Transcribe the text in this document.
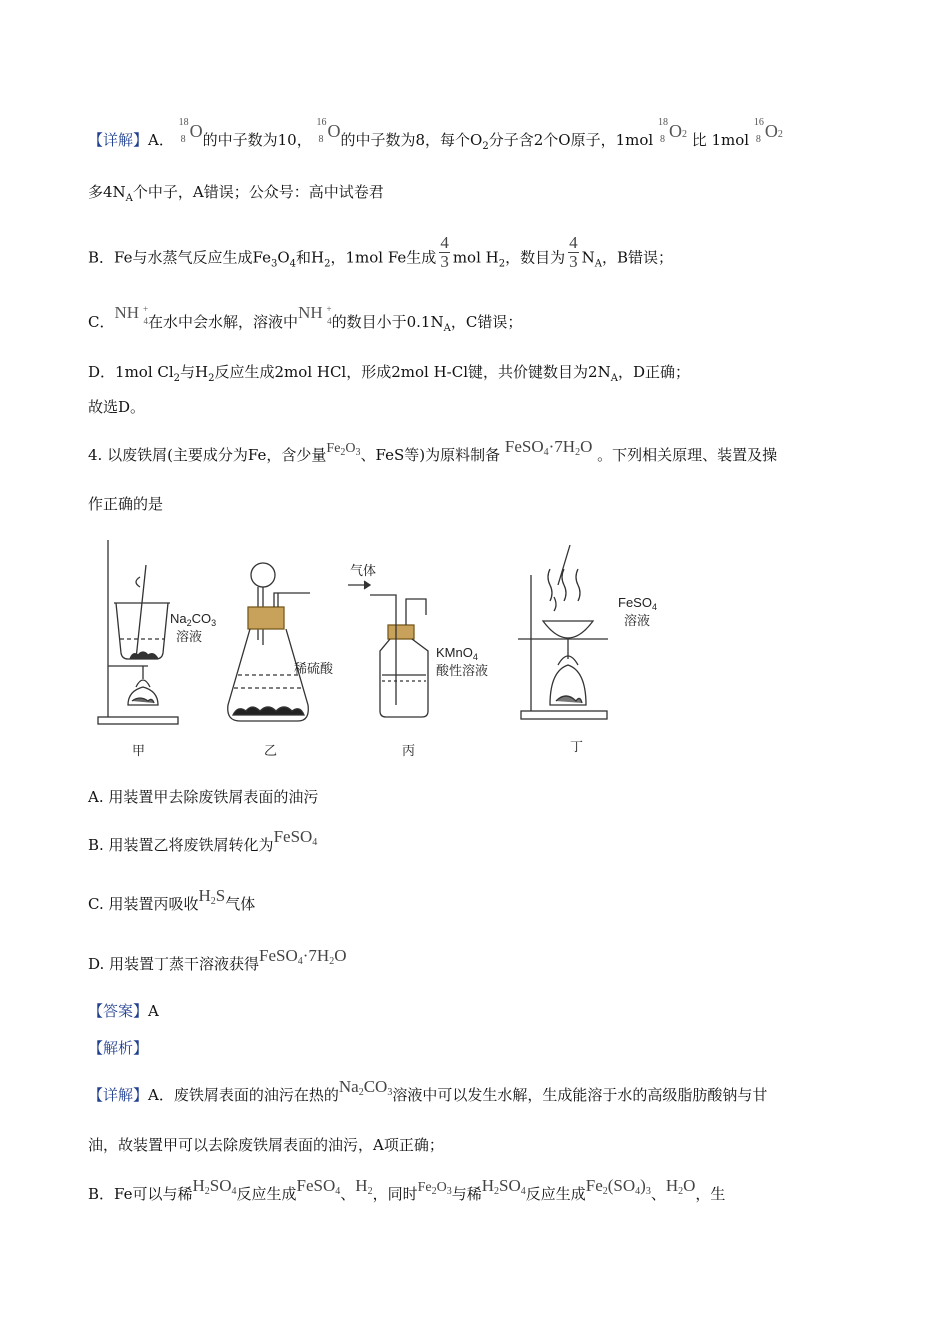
【详解】A．
18
8 O的中子数为10，
16
8 O的中子数为8，每个$O_2$分子含2个O原子，1mol
18
8 O2 比 1mol
16
8 O2
多$4N_A$个中子，A错误；公众号：高中试卷君
B．Fe与水蒸气反应生成$Fe_3O_4$和$H_2$，1mol Fe生成 $\frac{4}{3}$ mol $H_2$，数目为 $\frac{4}{3} N_A$，B错误；
C．NH +
4 在水中会水解，溶液中NH +
4 的数目小于$0.1N_A$，C错误；
D．1mol $Cl_2$与$H_2$反应生成2mol HCl，形成2mol H-Cl键，共价键数目为$2N_A$，D正确；
故选D。
4. 以废铁屑(主要成分为Fe，含少量$Fe_2O_3$、FeS等)为原料制备 $FeSO_4\cdot 7H_2O$ 。下列相关原理、装置及操
作正确的是
$Na_2CO_3$
溶液
稀硫酸
气体
KMnO$_4$
酸性溶液
FeSO$_4$
溶液
甲	乙	丙	丁
A. 用装置甲去除废铁屑表面的油污
B. 用装置乙将废铁屑转化为FeSO$_4$
C. 用装置丙吸收$H_2S$气体
D. 用装置丁蒸干溶液获得$FeSO_4\cdot 7H_2O$
【答案】A
【解析】
【详解】A．废铁屑表面的油污在热的$Na_2CO_3$溶液中可以发生水解，生成能溶于水的高级脂肪酸钠与甘
油，故装置甲可以去除废铁屑表面的油污，A项正确；
B．Fe可以与稀$H_2SO_4$反应生成FeSO$_4$、$H_2$，同时$Fe_2O_3$与稀$H_2SO_4$反应生成$Fe_2(SO_4)_3$、$H_2O$，生
